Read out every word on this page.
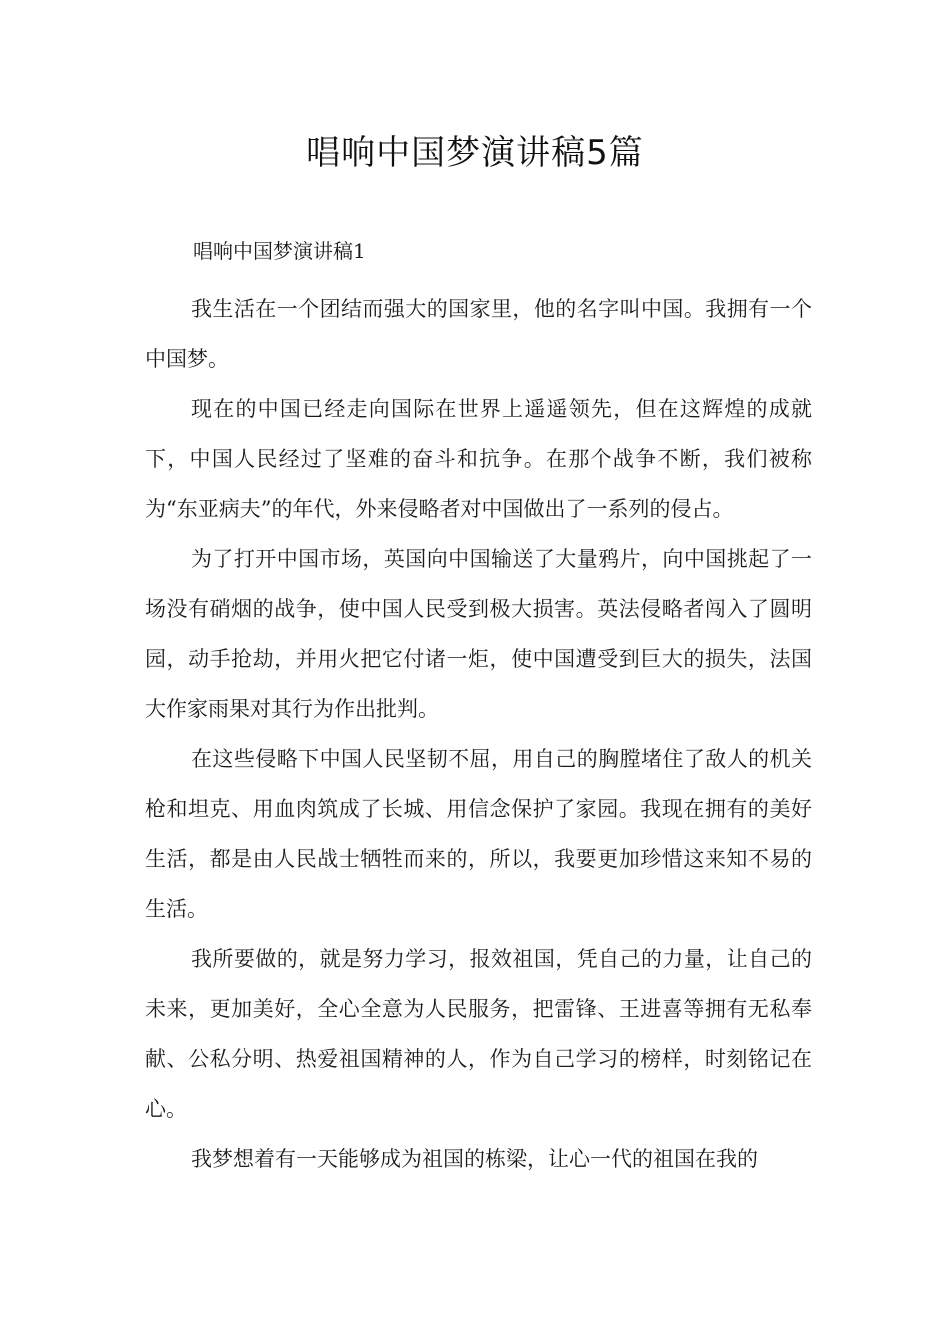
唱响中国梦演讲稿5篇

唱响中国梦演讲稿1

我生活在一个团结而强大的国家里，他的名字叫中国。我拥有一个中国梦。

现在的中国已经走向国际在世界上遥遥领先，但在这辉煌的成就下，中国人民经过了坚难的奋斗和抗争。在那个战争不断，我们被称为“东亚病夫”的年代，外来侵略者对中国做出了一系列的侵占。

为了打开中国市场，英国向中国输送了大量鸦片，向中国挑起了一场没有硝烟的战争，使中国人民受到极大损害。英法侵略者闯入了圆明园，动手抢劫，并用火把它付诸一炬，使中国遭受到巨大的损失，法国大作家雨果对其行为作出批判。

在这些侵略下中国人民坚韧不屈，用自己的胸膛堵住了敌人的机关枪和坦克、用血肉筑成了长城、用信念保护了家园。我现在拥有的美好生活，都是由人民战士牺牲而来的，所以，我要更加珍惜这来知不易的生活。

我所要做的，就是努力学习，报效祖国，凭自己的力量，让自己的未来，更加美好，全心全意为人民服务，把雷锋、王进喜等拥有无私奉献、公私分明、热爱祖国精神的人，作为自己学习的榜样，时刻铭记在心。

我梦想着有一天能够成为祖国的栋梁，让心一代的祖国在我的
